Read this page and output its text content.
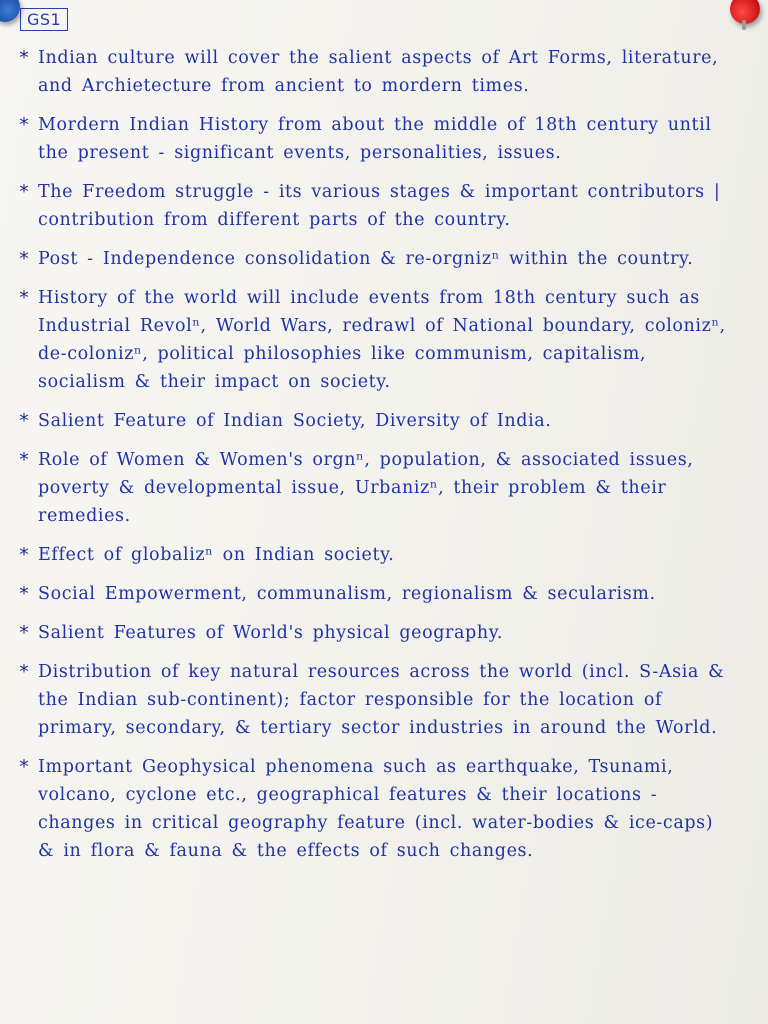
GS1
* Indian culture will cover the salient aspects of Art Forms, literature, and Archietecture from ancient to mordern times.
* Mordern Indian History from about the middle of 18th century until the present - significant events, personalities, issues.
* The Freedom struggle - its various stages & important contributors | contribution from different parts of the country.
* Post - Independence consolidation & re-orgnizⁿ within the country.
* History of the world will include events from 18th century such as Industrial Revolⁿ, World Wars, redrawl of National boundary, colonizⁿ, de-colonizⁿ, political philosophies like communism, capitalism, socialism & their impact on society.
* Salient Feature of Indian Society, Diversity of India.
* Role of Women & Women's orgnⁿ, population, & associated issues, poverty & developmental issue, Urbanizⁿ, their problem & their remedies.
* Effect of globalizⁿ on Indian society.
* Social Empowerment, communalism, regionalism & secularism.
* Salient Features of World's physical geography.
* Distribution of key natural resources across the world (incl. S-Asia & the Indian sub-continent); factor responsible for the location of primary, secondary, & tertiary sector industries in around the World.
* Important Geophysical phenomena such as earthquake, Tsunami, volcano, cyclone etc., geographical features & their locations - changes in critical geography feature (incl. water-bodies & ice-caps) & in flora & fauna & the effects of such changes.
